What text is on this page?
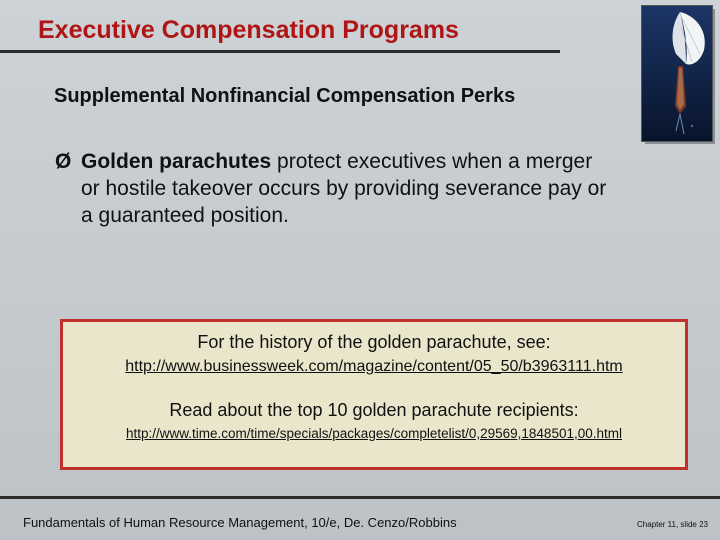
Executive Compensation Programs
Supplemental Nonfinancial Compensation Perks
Ø Golden parachutes protect executives when a merger or hostile takeover occurs by providing severance pay or a guaranteed position.
For the history of the golden parachute, see:
http://www.businessweek.com/magazine/content/05_50/b3963111.htm
Read about the top 10 golden parachute recipients:
http://www.time.com/time/specials/packages/completelist/0,29569,1848501,00.html
Fundamentals of Human Resource Management, 10/e, De. Cenzo/Robbins	Chapter 11, slide 23
